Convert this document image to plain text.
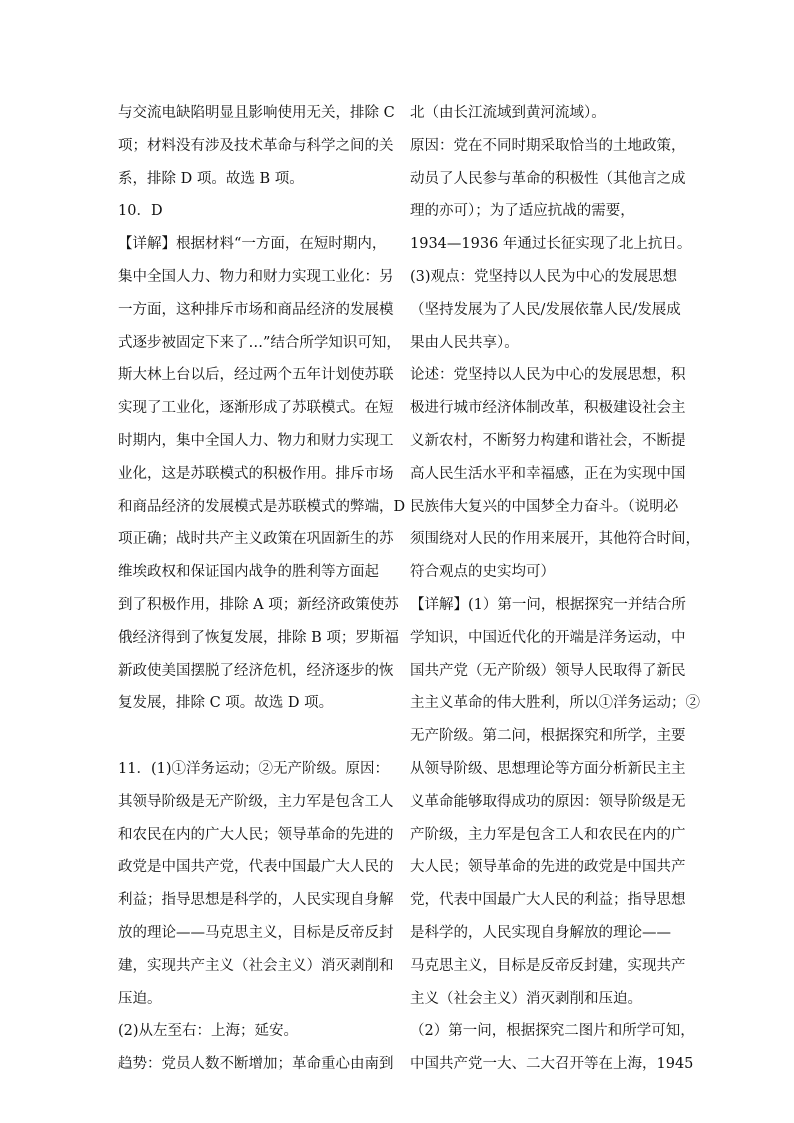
与交流电缺陷明显且影响使用无关，排除 C
项；材料没有涉及技术革命与科学之间的关
系，排除 D 项。故选 B 项。
10．D
【详解】根据材料“一方面，在短时期内，
集中全国人力、物力和财力实现工业化：另
一方面，这种排斥市场和商品经济的发展模
式逐步被固定下来了…”结合所学知识可知，
斯大林上台以后，经过两个五年计划使苏联
实现了工业化，逐渐形成了苏联模式。在短
时期内，集中全国人力、物力和财力实现工
业化，这是苏联模式的积极作用。排斥市场
和商品经济的发展模式是苏联模式的弊端，D
项正确；战时共产主义政策在巩固新生的苏
维埃政权和保证国内战争的胜利等方面起
到了积极作用，排除 A 项；新经济政策使苏
俄经济得到了恢复发展，排除 B 项；罗斯福
新政使美国摆脱了经济危机，经济逐步的恢
复发展，排除 C 项。故选 D 项。
11．(1)①洋务运动；②无产阶级。原因：
其领导阶级是无产阶级，主力军是包含工人
和农民在内的广大人民；领导革命的先进的
政党是中国共产党，代表中国最广大人民的
利益；指导思想是科学的，人民实现自身解
放的理论——马克思主义，目标是反帝反封
建，实现共产主义（社会主义）消灭剥削和
压迫。
(2)从左至右：上海；延安。
趋势：党员人数不断增加；革命重心由南到
北（由长江流域到黄河流域）。
原因：党在不同时期采取恰当的土地政策，
动员了人民参与革命的积极性（其他言之成
理的亦可）；为了适应抗战的需要，
1934—1936 年通过长征实现了北上抗日。
(3)观点：党坚持以人民为中心的发展思想
（坚持发展为了人民/发展依靠人民/发展成
果由人民共享）。
论述：党坚持以人民为中心的发展思想，积
极进行城市经济体制改革，积极建设社会主
义新农村，不断努力构建和谐社会，不断提
高人民生活水平和幸福感，正在为实现中国
民族伟大复兴的中国梦全力奋斗。（说明必
须围绕对人民的作用来展开，其他符合时间，
符合观点的史实均可）
【详解】(1）第一问，根据探究一并结合所
学知识，中国近代化的开端是洋务运动，中
国共产党（无产阶级）领导人民取得了新民
主主义革命的伟大胜利，所以①洋务运动；②
无产阶级。第二问，根据探究和所学，主要
从领导阶级、思想理论等方面分析新民主主
义革命能够取得成功的原因：领导阶级是无
产阶级，主力军是包含工人和农民在内的广
大人民；领导革命的先进的政党是中国共产
党，代表中国最广大人民的利益；指导思想
是科学的，人民实现自身解放的理论——
马克思主义，目标是反帝反封建，实现共产
主义（社会主义）消灭剥削和压迫。
（2）第一问，根据探究二图片和所学可知，
中国共产党一大、二大召开等在上海，1945
